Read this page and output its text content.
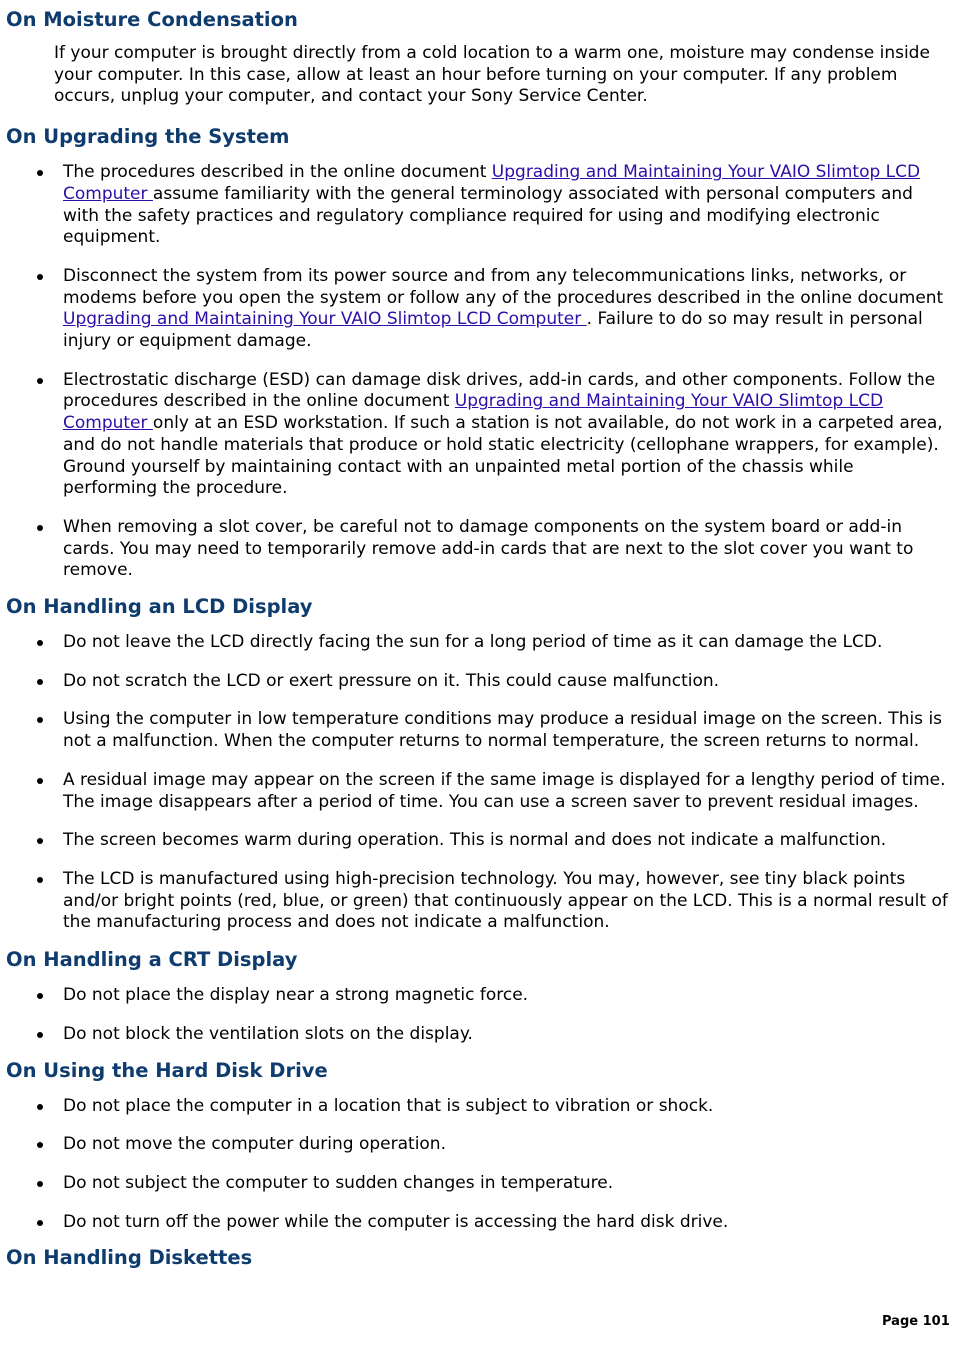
On Moisture Condensation

If your computer is brought directly from a cold location to a warm one, moisture may condense inside your computer. In this case, allow at least an hour before turning on your computer. If any problem occurs, unplug your computer, and contact your Sony Service Center.

On Upgrading the System
The procedures described in the online document Upgrading and Maintaining Your VAIO Slimtop LCD Computer assume familiarity with the general terminology associated with personal computers and with the safety practices and regulatory compliance required for using and modifying electronic equipment.
Disconnect the system from its power source and from any telecommunications links, networks, or modems before you open the system or follow any of the procedures described in the online document Upgrading and Maintaining Your VAIO Slimtop LCD Computer . Failure to do so may result in personal injury or equipment damage.
Electrostatic discharge (ESD) can damage disk drives, add-in cards, and other components. Follow the procedures described in the online document Upgrading and Maintaining Your VAIO Slimtop LCD Computer only at an ESD workstation. If such a station is not available, do not work in a carpeted area, and do not handle materials that produce or hold static electricity (cellophane wrappers, for example). Ground yourself by maintaining contact with an unpainted metal portion of the chassis while performing the procedure.
When removing a slot cover, be careful not to damage components on the system board or add-in cards. You may need to temporarily remove add-in cards that are next to the slot cover you want to remove.
On Handling an LCD Display
Do not leave the LCD directly facing the sun for a long period of time as it can damage the LCD.
Do not scratch the LCD or exert pressure on it. This could cause malfunction.
Using the computer in low temperature conditions may produce a residual image on the screen. This is not a malfunction. When the computer returns to normal temperature, the screen returns to normal.
A residual image may appear on the screen if the same image is displayed for a lengthy period of time. The image disappears after a period of time. You can use a screen saver to prevent residual images.
The screen becomes warm during operation. This is normal and does not indicate a malfunction.
The LCD is manufactured using high-precision technology. You may, however, see tiny black points and/or bright points (red, blue, or green) that continuously appear on the LCD. This is a normal result of the manufacturing process and does not indicate a malfunction.
On Handling a CRT Display
Do not place the display near a strong magnetic force.
Do not block the ventilation slots on the display.
On Using the Hard Disk Drive
Do not place the computer in a location that is subject to vibration or shock.
Do not move the computer during operation.
Do not subject the computer to sudden changes in temperature.
Do not turn off the power while the computer is accessing the hard disk drive.
On Handling Diskettes
Page 101
